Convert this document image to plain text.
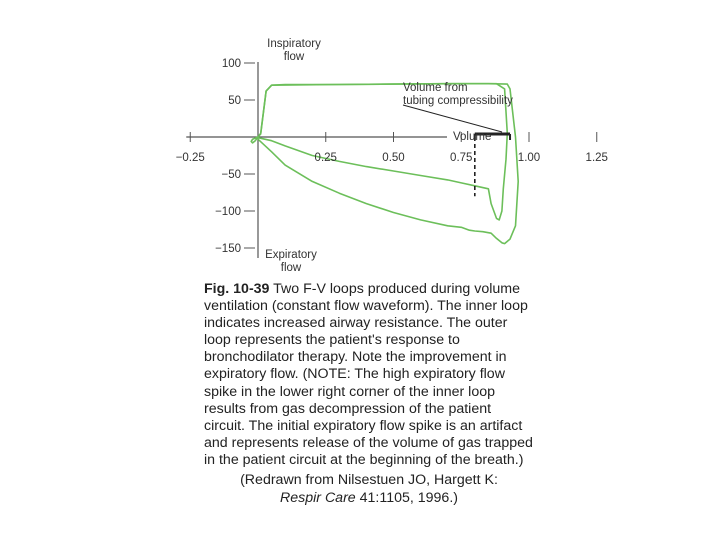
Volume from tubing compressibility
−0.25	0.25	0.50	0.75	1.00	1.25
100
50
−50
−100
−150
Inspiratory flow
Expiratory flow
Volume
Fig. 10-39 Two F-V loops produced during volume ventilation (constant flow waveform). The inner loop indicates increased airway resistance. The outer loop represents the patient's response to bronchodilator therapy. Note the improvement in expiratory flow. (NOTE: The high expiratory flow spike in the lower right corner of the inner loop results from gas decompression of the patient circuit. The initial expiratory flow spike is an artifact and represents release of the volume of gas trapped in the patient circuit at the beginning of the breath.)
(Redrawn from Nilsestuen JO, Hargett K:
Respir Care 41:1105, 1996.)
